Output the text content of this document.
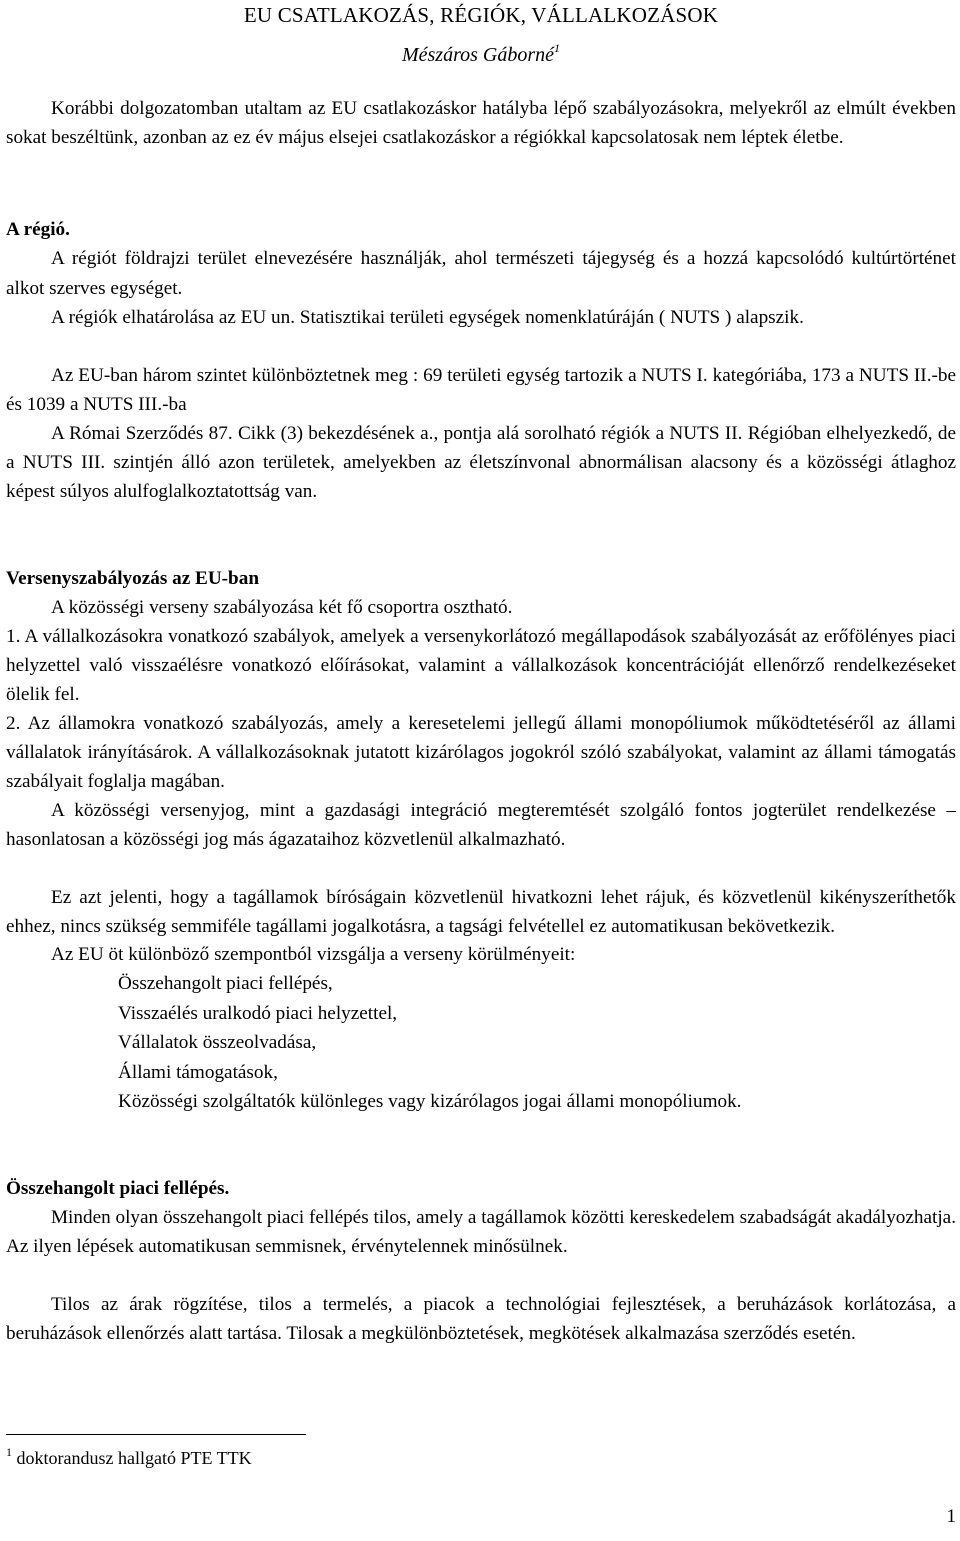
EU CSATLAKOZÁS, RÉGIÓK, VÁLLALKOZÁSOK
Mészáros Gáborné$^1$

Korábbi dolgozatomban utaltam az EU csatlakozáskor hatályba lépő szabályozásokra, melyekről az elmúlt években sokat beszéltünk, azonban az ez év május elsejei csatlakozáskor a régiókkal kapcsolatosak nem léptek életbe.

A régió.

A régiót földrajzi terület elnevezésére használják, ahol természeti tájegység és a hozzá kapcsolódó kultúrtörténet alkot szerves egységet.

A régiók elhatárolása az EU un. Statisztikai területi egységek nomenklatúráján ( NUTS ) alapszik.

Az EU-ban három szintet különböztetnek meg : 69 területi egység tartozik a NUTS I. kategóriába, 173 a NUTS II.-be és 1039 a NUTS III.-ba

A Római Szerződés 87. Cikk (3) bekezdésének a., pontja alá sorolható régiók a NUTS II. Régióban elhelyezkedő, de a NUTS III. szintjén álló azon területek, amelyekben az életszínvonal abnormálisan alacsony és a közösségi átlaghoz képest súlyos alulfoglalkoztatottság van.

Versenyszabályozás az EU-ban

A közösségi verseny szabályozása két fő csoportra osztható.

1. A vállalkozásokra vonatkozó szabályok, amelyek a versenykorlátozó megállapodások szabályozását az erőfölényes piaci helyzettel való visszaélésre vonatkozó előírásokat, valamint a vállalkozások koncentrációját ellenőrző rendelkezéseket ölelik fel.

2. Az államokra vonatkozó szabályozás, amely a keresetelemi jellegű állami monopóliumok működtetéséről az állami vállalatok irányításárok. A vállalkozásoknak jutatott kizárólagos jogokról szóló szabályokat, valamint az állami támogatás szabályait foglalja magában.

A közösségi versenyjog, mint a gazdasági integráció megteremtését szolgáló fontos jogterület rendelkezése – hasonlatosan a közösségi jog más ágazataihoz közvetlenül alkalmazható.

Ez azt jelenti, hogy a tagállamok bíróságain közvetlenül hivatkozni lehet rájuk, és közvetlenül kikényszeríthetők ehhez, nincs szükség semmiféle tagállami jogalkotásra, a tagsági felvétellel ez automatikusan bekövetkezik.

Az EU öt különböző szempontból vizsgálja a verseny körülményeit:

Összehangolt piaci fellépés,
Visszaélés uralkodó piaci helyzettel,
Vállalatok összeolvadása,
Állami támogatások,
Közösségi szolgáltatók különleges vagy kizárólagos jogai állami monopóliumok.

Összehangolt piaci fellépés.

Minden olyan összehangolt piaci fellépés tilos, amely a tagállamok közötti kereskedelem szabadságát akadályozhatja. Az ilyen lépések automatikusan semmisnek, érvénytelennek minősülnek.

Tilos az árak rögzítése, tilos a termelés, a piacok a technológiai fejlesztések, a beruházások korlátozása, a beruházások ellenőrzés alatt tartása. Tilosak a megkülönböztetések, megkötések alkalmazása szerződés esetén.

$^1$ doktorandusz hallgató PTE TTK
1
